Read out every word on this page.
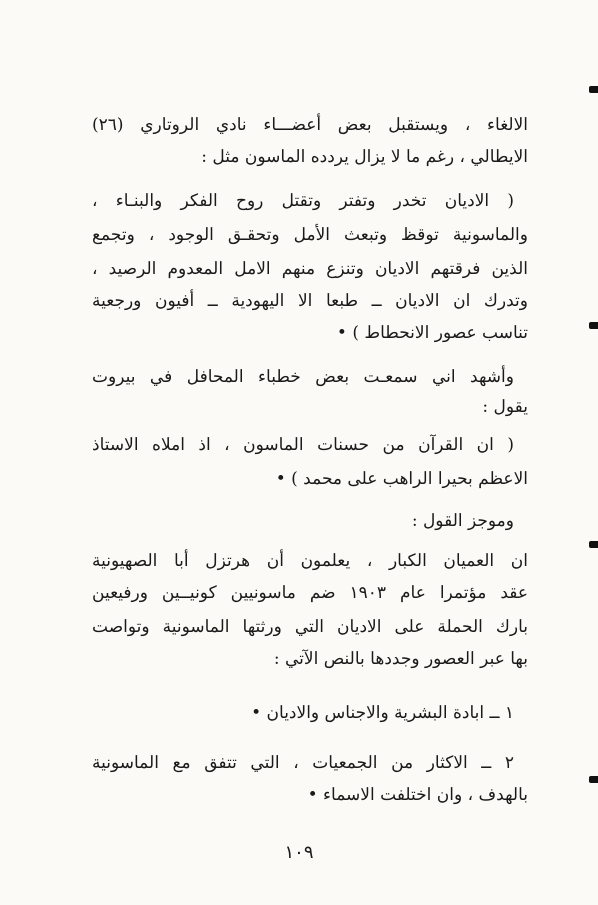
الالغاء ، ويستقبل بعض أعضـــاء نادي الروتاري (٢٦)
الايطالي ، رغم ما لا يزال يردده الماسون مثل :
( الاديان تخدر وتفتر وتقتل روح الفكر والبنـاء ،
والماسونية توقظ وتبعث الأمل وتحقـق الوجود ، وتجمع
الذين فرقتهم الاديان وتنزع منهم الامل المعدوم الرصيد ،
وتدرك ان الاديان ــ طبعا الا اليهودية ــ أفيون ورجعية
تناسب عصور الانحطاط ) •
وأشهد اني سمعـت بعض خطباء المحافل في بيروت
يقول :
( ان القرآن من حسنات الماسون ، اذ املاه الاستاذ
الاعظم بحيرا الراهب على محمد ) •
وموجز القول :
ان العميان الكبار ، يعلمون أن هرتزل أبا الصهيونية
عقد مؤتمرا عام ١٩٠٣ ضم ماسونيين كونيــين ورفيعين
بارك الحملة على الاديان التي ورثتها الماسونية وتواصت
بها عبر العصور وجددها بالنص الآتي :
١ ــ ابادة البشرية والاجناس والاديان •
٢ ــ الاكثار من الجمعيات ، التي تتفق مع الماسونية
بالهدف ، وان اختلفت الاسماء •
١٠٩
